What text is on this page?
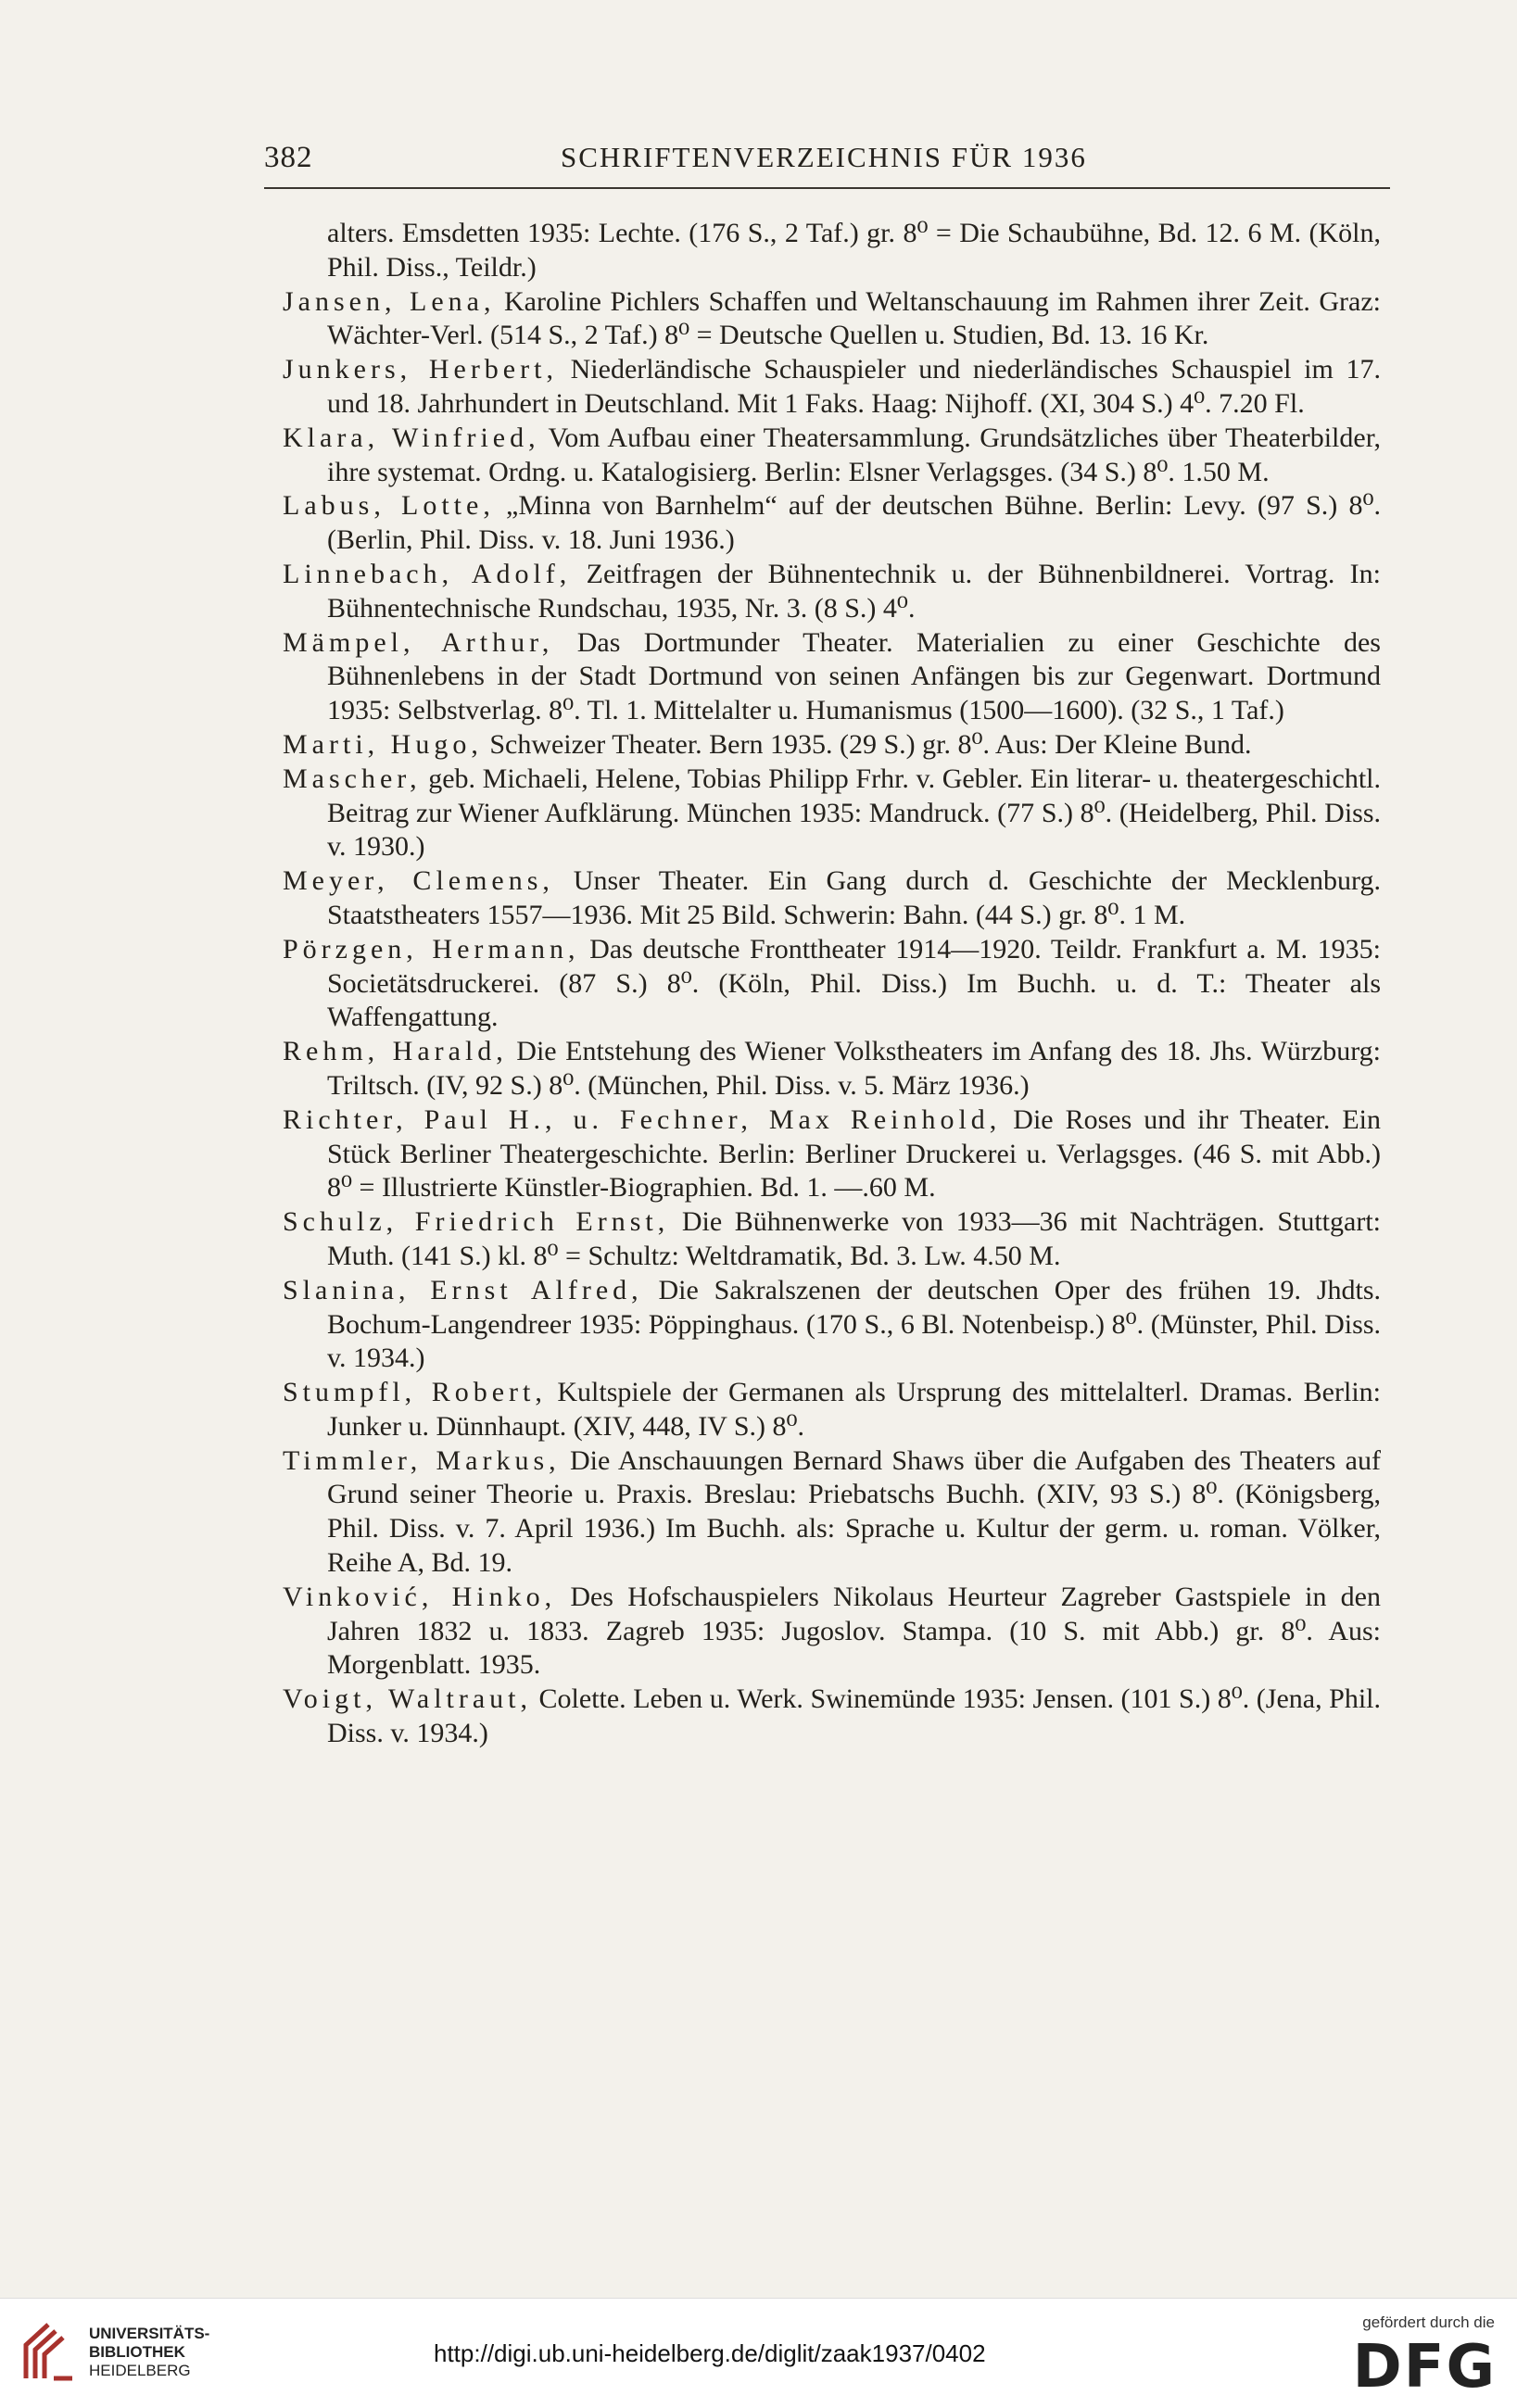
382	SCHRIFTENVERZEICHNIS FÜR 1936

alters. Emsdetten 1935: Lechte. (176 S., 2 Taf.) gr. 8⁰ = Die Schaubühne, Bd. 12. 6 M. (Köln, Phil. Diss., Teildr.)

Jansen, Lena, Karoline Pichlers Schaffen und Weltanschauung im Rahmen ihrer Zeit. Graz: Wächter-Verl. (514 S., 2 Taf.) 8⁰ = Deutsche Quellen u. Studien, Bd. 13. 16 Kr.

Junkers, Herbert, Niederländische Schauspieler und niederländisches Schauspiel im 17. und 18. Jahrhundert in Deutschland. Mit 1 Faks. Haag: Nijhoff. (XI, 304 S.) 4⁰. 7.20 Fl.

Klara, Winfried, Vom Aufbau einer Theatersammlung. Grundsätzliches über Theaterbilder, ihre systemat. Ordng. u. Katalogisierg. Berlin: Elsner Verlagsges. (34 S.) 8⁰. 1.50 M.

Labus, Lotte, „Minna von Barnhelm“ auf der deutschen Bühne. Berlin: Levy. (97 S.) 8⁰. (Berlin, Phil. Diss. v. 18. Juni 1936.)

Linnebach, Adolf, Zeitfragen der Bühnentechnik u. der Bühnenbildnerei. Vortrag. In: Bühnentechnische Rundschau, 1935, Nr. 3. (8 S.) 4⁰.

Mämpel, Arthur, Das Dortmunder Theater. Materialien zu einer Geschichte des Bühnenlebens in der Stadt Dortmund von seinen Anfängen bis zur Gegenwart. Dortmund 1935: Selbstverlag. 8⁰. Tl. 1. Mittelalter u. Humanismus (1500—1600). (32 S., 1 Taf.)

Marti, Hugo, Schweizer Theater. Bern 1935. (29 S.) gr. 8⁰. Aus: Der Kleine Bund.

Mascher, geb. Michaeli, Helene, Tobias Philipp Frhr. v. Gebler. Ein literar- u. theatergeschichtl. Beitrag zur Wiener Aufklärung. München 1935: Mandruck. (77 S.) 8⁰. (Heidelberg, Phil. Diss. v. 1930.)

Meyer, Clemens, Unser Theater. Ein Gang durch d. Geschichte der Mecklenburg. Staatstheaters 1557—1936. Mit 25 Bild. Schwerin: Bahn. (44 S.) gr. 8⁰. 1 M.

Pörzgen, Hermann, Das deutsche Fronttheater 1914—1920. Teildr. Frankfurt a. M. 1935: Societätsdruckerei. (87 S.) 8⁰. (Köln, Phil. Diss.) Im Buchh. u. d. T.: Theater als Waffengattung.

Rehm, Harald, Die Entstehung des Wiener Volkstheaters im Anfang des 18. Jhs. Würzburg: Triltsch. (IV, 92 S.) 8⁰. (München, Phil. Diss. v. 5. März 1936.)

Richter, Paul H., u. Fechner, Max Reinhold, Die Roses und ihr Theater. Ein Stück Berliner Theatergeschichte. Berlin: Berliner Druckerei u. Verlagsges. (46 S. mit Abb.) 8⁰ = Illustrierte Künstler-Biographien. Bd. 1. —.60 M.

Schulz, Friedrich Ernst, Die Bühnenwerke von 1933—36 mit Nachträgen. Stuttgart: Muth. (141 S.) kl. 8⁰ = Schultz: Weltdramatik, Bd. 3. Lw. 4.50 M.

Slanina, Ernst Alfred, Die Sakralszenen der deutschen Oper des frühen 19. Jhdts. Bochum-Langendreer 1935: Pöppinghaus. (170 S., 6 Bl. Notenbeisp.) 8⁰. (Münster, Phil. Diss. v. 1934.)

Stumpfl, Robert, Kultspiele der Germanen als Ursprung des mittelalterl. Dramas. Berlin: Junker u. Dünnhaupt. (XIV, 448, IV S.) 8⁰.

Timmler, Markus, Die Anschauungen Bernard Shaws über die Aufgaben des Theaters auf Grund seiner Theorie u. Praxis. Breslau: Priebatschs Buchh. (XIV, 93 S.) 8⁰. (Königsberg, Phil. Diss. v. 7. April 1936.) Im Buchh. als: Sprache u. Kultur der germ. u. roman. Völker, Reihe A, Bd. 19.

Vinković, Hinko, Des Hofschauspielers Nikolaus Heurteur Zagreber Gastspiele in den Jahren 1832 u. 1833. Zagreb 1935: Jugoslov. Stampa. (10 S. mit Abb.) gr. 8⁰. Aus: Morgenblatt. 1935.

Voigt, Waltraut, Colette. Leben u. Werk. Swinemünde 1935: Jensen. (101 S.) 8⁰. (Jena, Phil. Diss. v. 1934.)

UNIVERSITÄTS-
BIBLIOTHEK
HEIDELBERG
http://digi.ub.uni-heidelberg.de/diglit/zaak1937/0402
gefördert durch die
DFG
